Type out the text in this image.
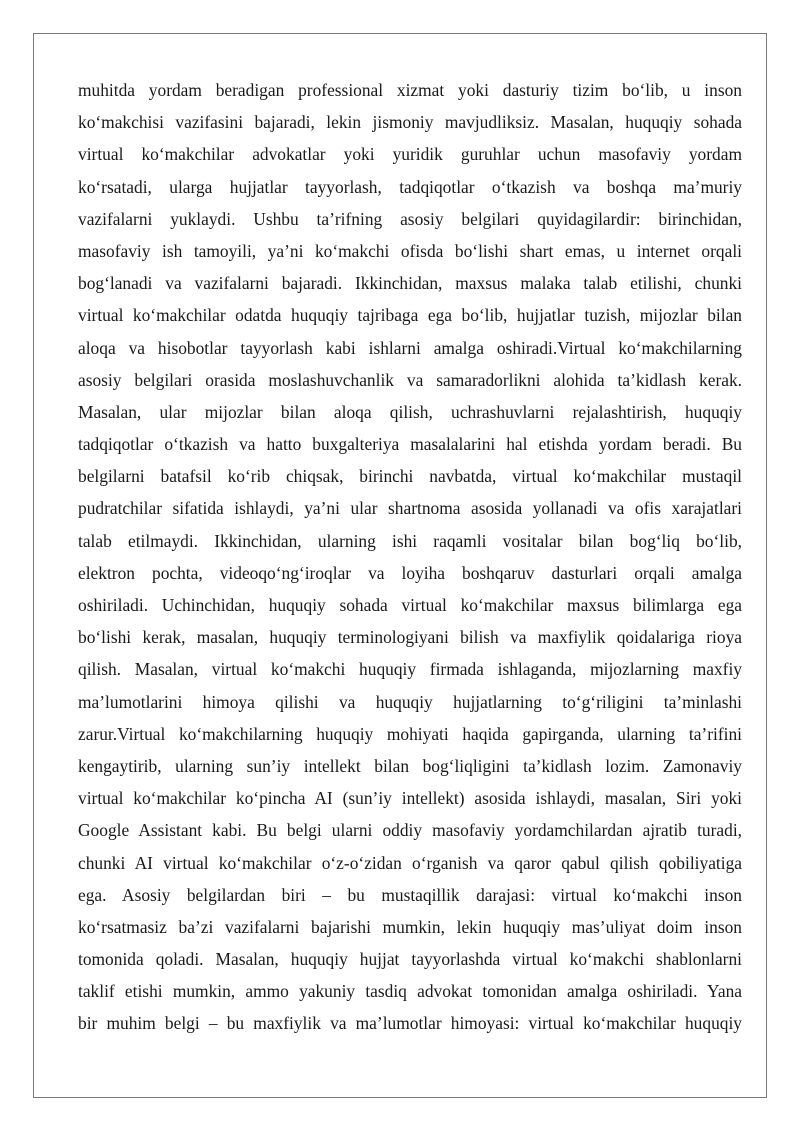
muhitda yordam beradigan professional xizmat yoki dasturiy tizim bo‘lib, u inson
ko‘makchisi vazifasini bajaradi, lekin jismoniy mavjudliksiz. Masalan, huquqiy sohada
virtual ko‘makchilar advokatlar yoki yuridik guruhlar uchun masofaviy yordam
ko‘rsatadi, ularga hujjatlar tayyorlash, tadqiqotlar o‘tkazish va boshqa ma’muriy
vazifalarni yuklaydi. Ushbu ta’rifning asosiy belgilari quyidagilardir: birinchidan,
masofaviy ish tamoyili, ya’ni ko‘makchi ofisda bo‘lishi shart emas, u internet orqali
bog‘lanadi va vazifalarni bajaradi. Ikkinchidan, maxsus malaka talab etilishi, chunki
virtual ko‘makchilar odatda huquqiy tajribaga ega bo‘lib, hujjatlar tuzish, mijozlar bilan
aloqa va hisobotlar tayyorlash kabi ishlarni amalga oshiradi.Virtual ko‘makchilarning
asosiy belgilari orasida moslashuvchanlik va samaradorlikni alohida ta’kidlash kerak.
Masalan, ular mijozlar bilan aloqa qilish, uchrashuvlarni rejalashtirish, huquqiy
tadqiqotlar o‘tkazish va hatto buxgalteriya masalalarini hal etishda yordam beradi. Bu
belgilarni batafsil ko‘rib chiqsak, birinchi navbatda, virtual ko‘makchilar mustaqil
pudratchilar sifatida ishlaydi, ya’ni ular shartnoma asosida yollanadi va ofis xarajatlari
talab etilmaydi. Ikkinchidan, ularning ishi raqamli vositalar bilan bog‘liq bo‘lib,
elektron pochta, videoqo‘ng‘iroqlar va loyiha boshqaruv dasturlari orqali amalga
oshiriladi. Uchinchidan, huquqiy sohada virtual ko‘makchilar maxsus bilimlarga ega
bo‘lishi kerak, masalan, huquqiy terminologiyani bilish va maxfiylik qoidalariga rioya
qilish. Masalan, virtual ko‘makchi huquqiy firmada ishlaganda, mijozlarning maxfiy
ma’lumotlarini himoya qilishi va huquqiy hujjatlarning to‘g‘riligini ta’minlashi
zarur.Virtual ko‘makchilarning huquqiy mohiyati haqida gapirganda, ularning ta’rifini
kengaytirib, ularning sun’iy intellekt bilan bog‘liqligini ta’kidlash lozim. Zamonaviy
virtual ko‘makchilar ko‘pincha AI (sun’iy intellekt) asosida ishlaydi, masalan, Siri yoki
Google Assistant kabi. Bu belgi ularni oddiy masofaviy yordamchilardan ajratib turadi,
chunki AI virtual ko‘makchilar o‘z-o‘zidan o‘rganish va qaror qabul qilish qobiliyatiga
ega. Asosiy belgilardan biri – bu mustaqillik darajasi: virtual ko‘makchi inson
ko‘rsatmasiz ba’zi vazifalarni bajarishi mumkin, lekin huquqiy mas’uliyat doim inson
tomonida qoladi. Masalan, huquqiy hujjat tayyorlashda virtual ko‘makchi shablonlarni
taklif etishi mumkin, ammo yakuniy tasdiq advokat tomonidan amalga oshiriladi. Yana
bir muhim belgi – bu maxfiylik va ma’lumotlar himoyasi: virtual ko‘makchilar huquqiy
